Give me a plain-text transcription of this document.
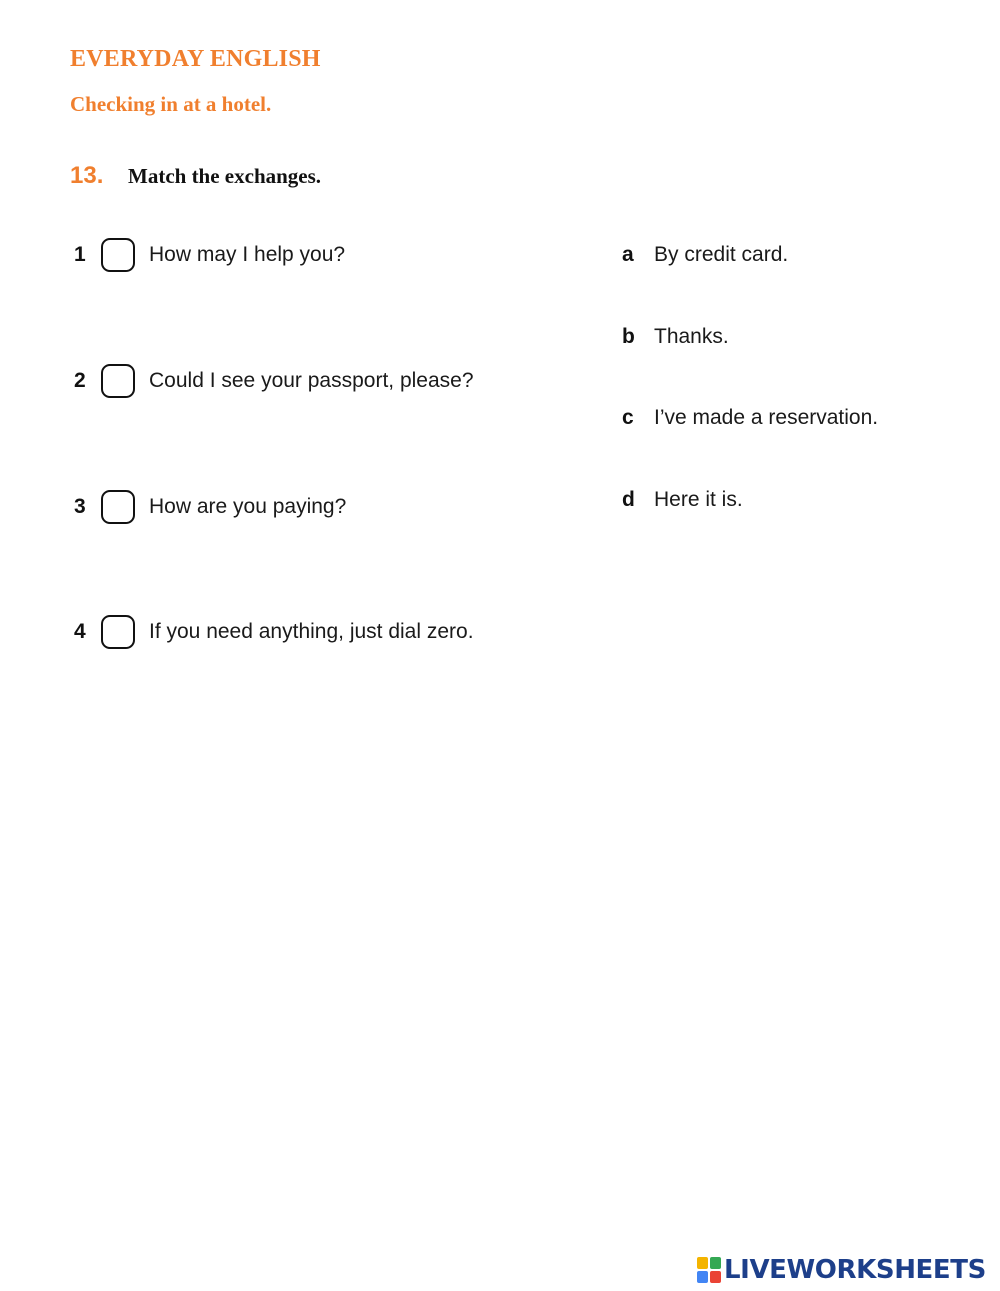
EVERYDAY ENGLISH
Checking in at a hotel.
13.	Match the exchanges.
1	How may I help you?
2	Could I see your passport, please?
3	How are you paying?
4	If you need anything, just dial zero.
a By credit card.
b Thanks.
c I’ve made a reservation.
d Here it is.
LIVEWORKSHEETS
